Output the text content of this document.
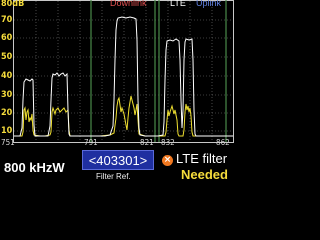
80dB
70
60
50
40
30
20
10
Downlink	LTE Uplink
751	791	821 832	862
800 kHzW	<403301>
Filter Ref.
× LTE filter
Needed
